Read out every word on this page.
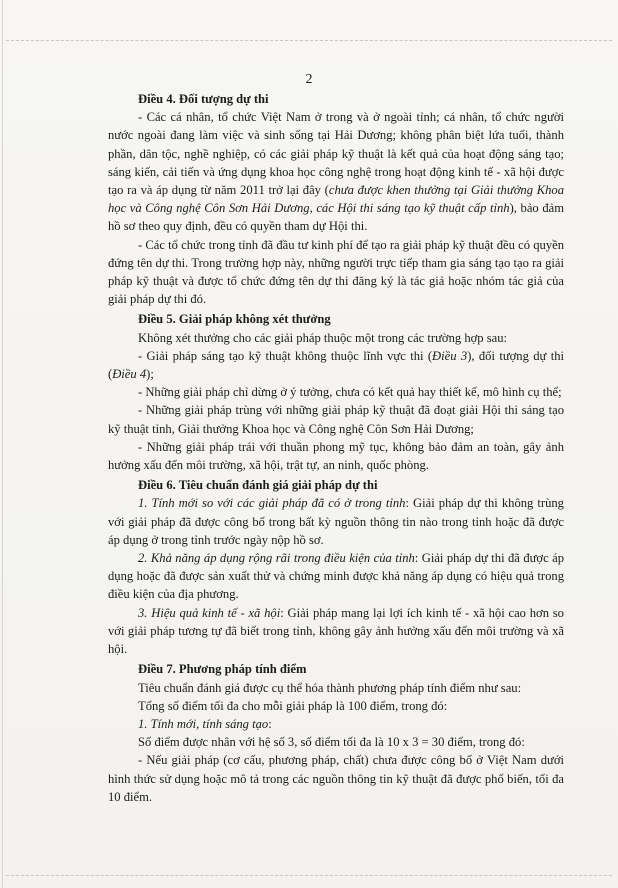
2

Điều 4. Đối tượng dự thi

- Các cá nhân, tổ chức Việt Nam ở trong và ở ngoài tỉnh; cá nhân, tổ chức người nước ngoài đang làm việc và sinh sống tại Hải Dương; không phân biệt lứa tuổi, thành phần, dân tộc, nghề nghiệp, có các giải pháp kỹ thuật là kết quả của hoạt động sáng tạo; sáng kiến, cải tiến và ứng dụng khoa học công nghệ trong hoạt động kinh tế - xã hội được tạo ra và áp dụng từ năm 2011 trở lại đây (chưa được khen thưởng tại Giải thưởng Khoa học và Công nghệ Côn Sơn Hải Dương, các Hội thi sáng tạo kỹ thuật cấp tỉnh), bảo đảm hồ sơ theo quy định, đều có quyền tham dự Hội thi.

- Các tổ chức trong tỉnh đã đầu tư kinh phí để tạo ra giải pháp kỹ thuật đều có quyền đứng tên dự thi. Trong trường hợp này, những người trực tiếp tham gia sáng tạo tạo ra giải pháp kỹ thuật và được tổ chức đứng tên dự thi đăng ký là tác giả hoặc nhóm tác giả của giải pháp dự thi đó.

Điều 5. Giải pháp không xét thưởng

Không xét thưởng cho các giải pháp thuộc một trong các trường hợp sau:

- Giải pháp sáng tạo kỹ thuật không thuộc lĩnh vực thi (Điều 3), đối tượng dự thi (Điều 4);
- Những giải pháp chỉ dừng ở ý tưởng, chưa có kết quả hay thiết kế, mô hình cụ thể;
- Những giải pháp trùng với những giải pháp kỹ thuật đã đoạt giải Hội thi sáng tạo kỹ thuật tỉnh, Giải thưởng Khoa học và Công nghệ Côn Sơn Hải Dương;
- Những giải pháp trái với thuần phong mỹ tục, không bảo đảm an toàn, gây ảnh hưởng xấu đến môi trường, xã hội, trật tự, an ninh, quốc phòng.

Điều 6. Tiêu chuẩn đánh giá giải pháp dự thi

1. Tính mới so với các giải pháp đã có ở trong tỉnh: Giải pháp dự thi không trùng với giải pháp đã được công bố trong bất kỳ nguồn thông tin nào trong tỉnh hoặc đã được áp dụng ở trong tỉnh trước ngày nộp hồ sơ.

2. Khả năng áp dụng rộng rãi trong điều kiện của tỉnh: Giải pháp dự thi đã được áp dụng hoặc đã được sản xuất thử và chứng minh được khả năng áp dụng có hiệu quả trong điều kiện của địa phương.

3. Hiệu quả kinh tế - xã hội: Giải pháp mang lại lợi ích kinh tế - xã hội cao hơn so với giải pháp tương tự đã biết trong tỉnh, không gây ảnh hưởng xấu đến môi trường và xã hội.

Điều 7. Phương pháp tính điểm

Tiêu chuẩn đánh giá được cụ thể hóa thành phương pháp tính điểm như sau:

Tổng số điểm tối đa cho mỗi giải pháp là 100 điểm, trong đó:

1. Tính mới, tính sáng tạo:

Số điểm được nhân với hệ số 3, số điểm tối đa là 10 x 3 = 30 điểm, trong đó:

- Nếu giải pháp (cơ cấu, phương pháp, chất) chưa được công bố ở Việt Nam dưới hình thức sử dụng hoặc mô tả trong các nguồn thông tin kỹ thuật đã được phổ biến, tối đa 10 điểm.
